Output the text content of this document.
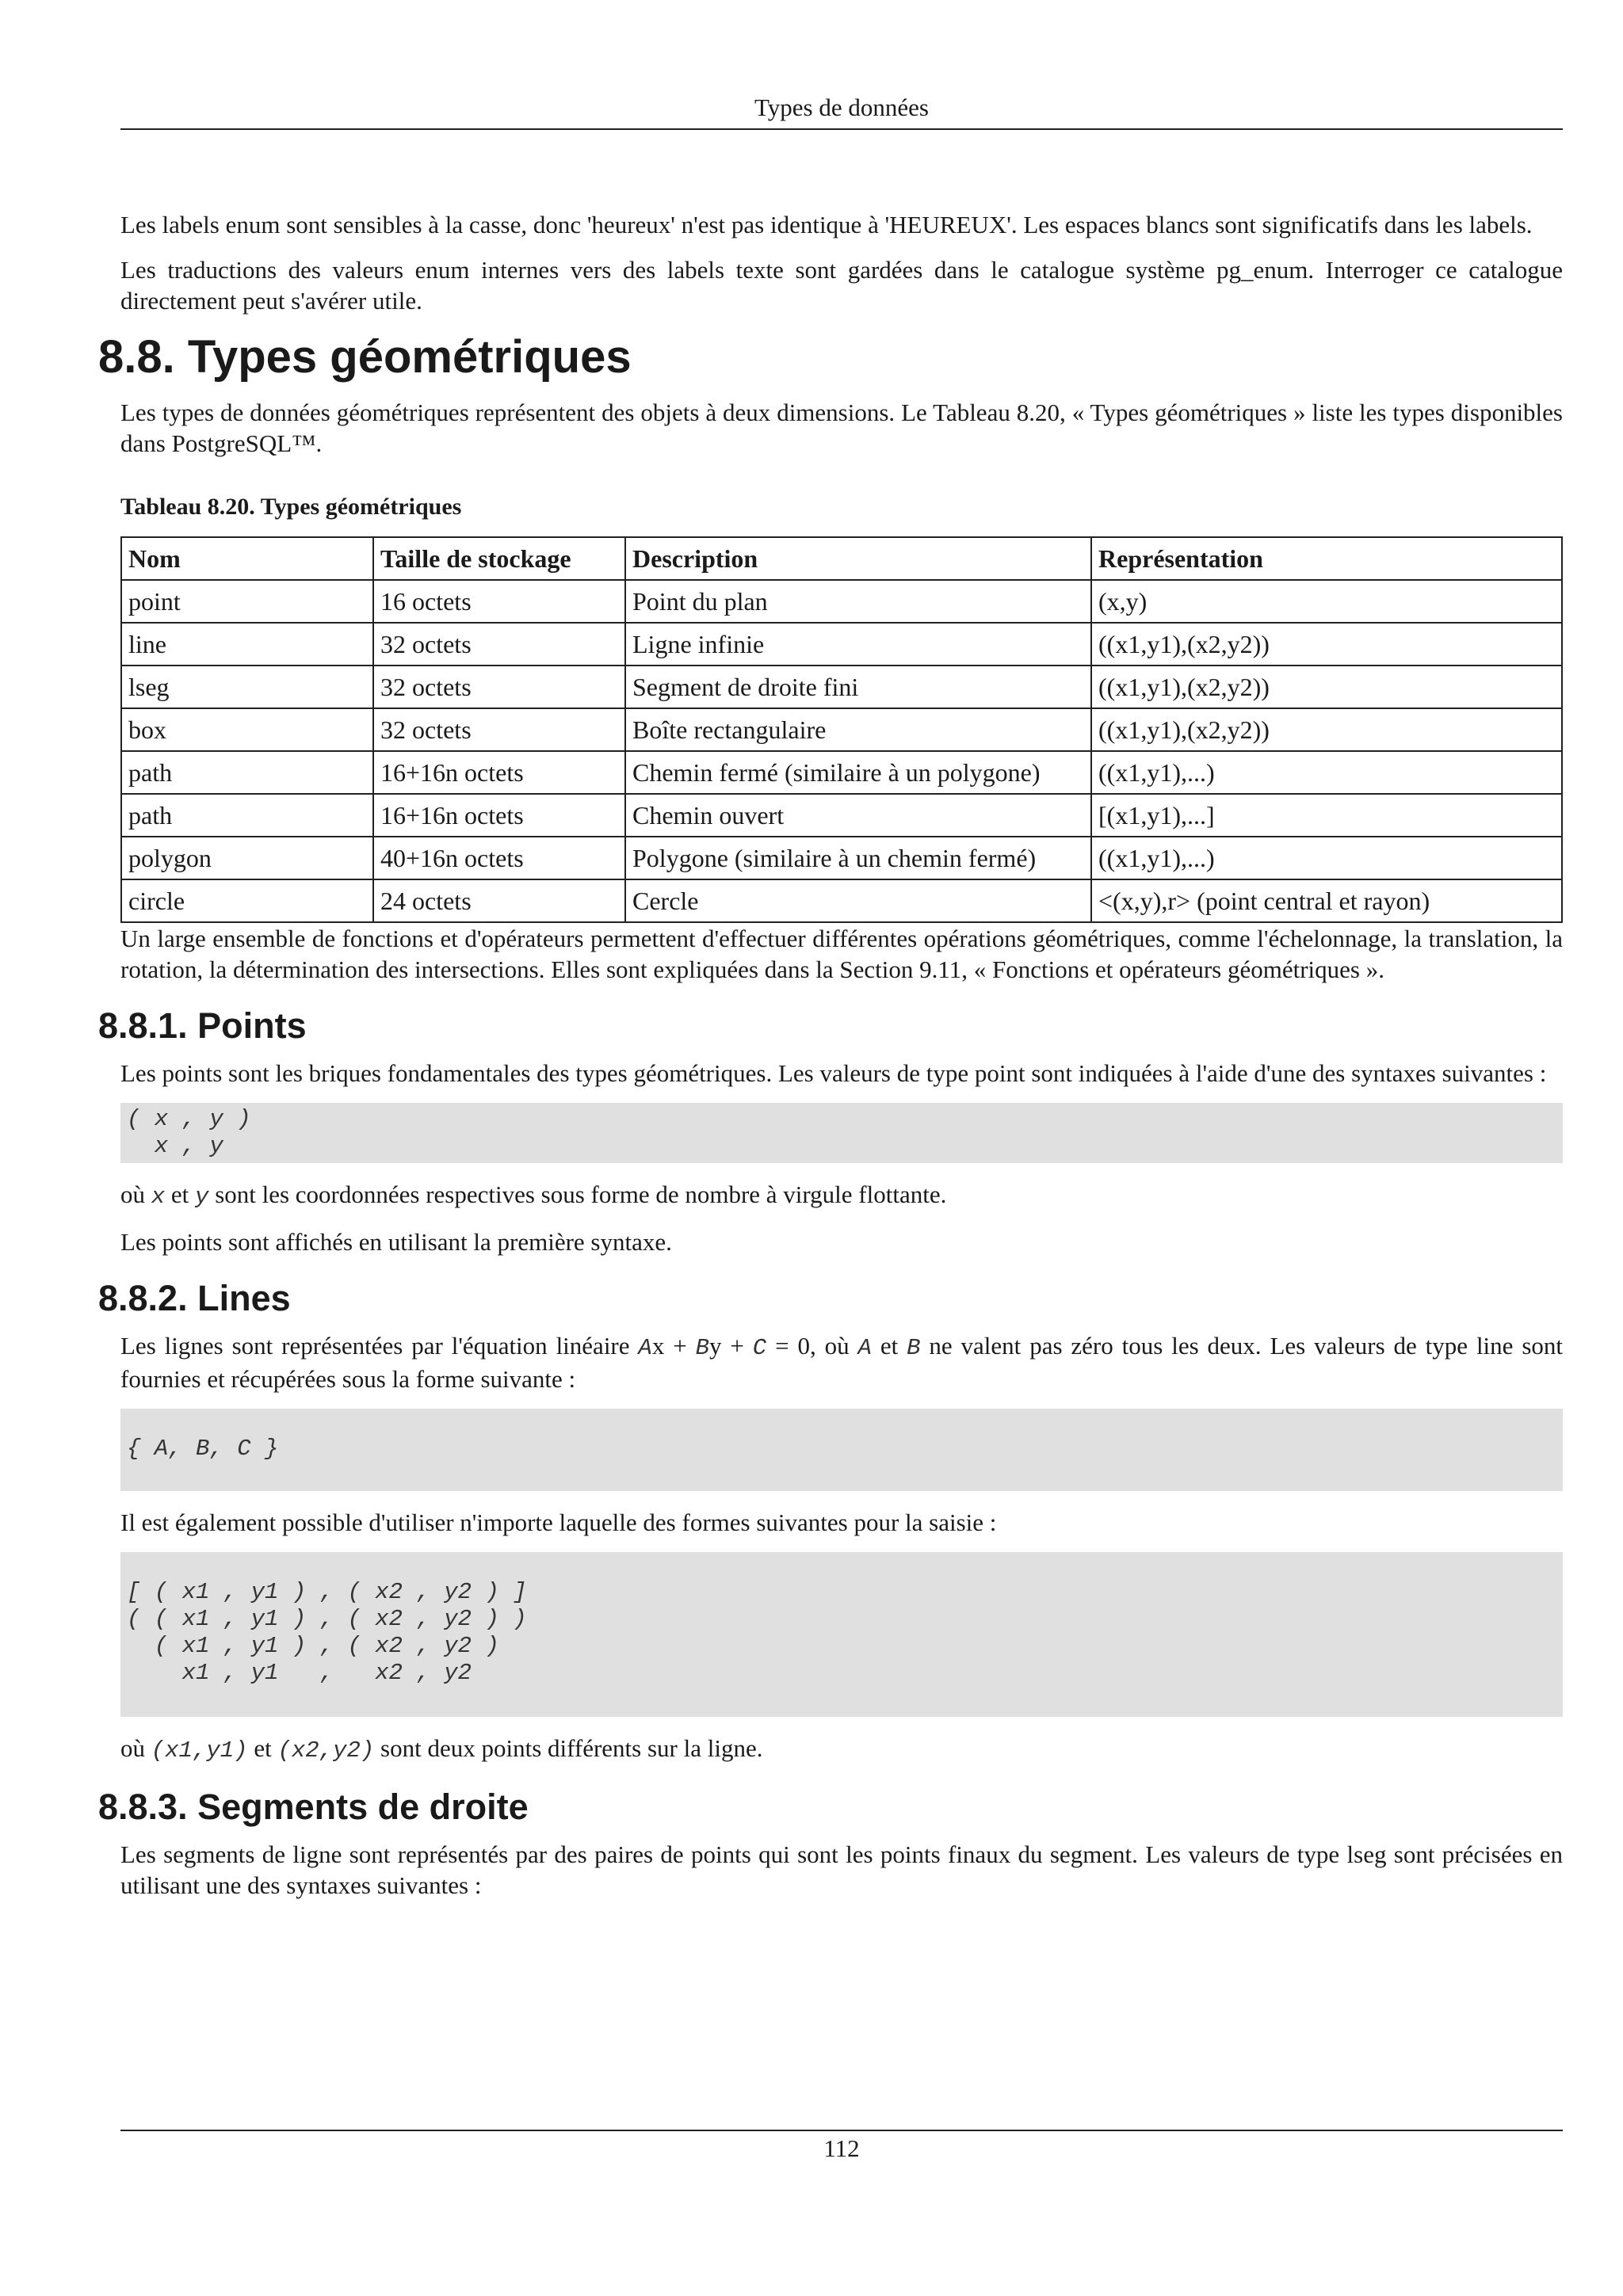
Types de données

Les labels enum sont sensibles à la casse, donc 'heureux' n'est pas identique à 'HEUREUX'. Les espaces blancs sont significatifs dans les labels.

Les traductions des valeurs enum internes vers des labels texte sont gardées dans le catalogue système pg_enum. Interroger ce catalogue directement peut s'avérer utile.

8.8. Types géométriques

Les types de données géométriques représentent des objets à deux dimensions. Le Tableau 8.20, « Types géométriques » liste les types disponibles dans PostgreSQL™.

Tableau 8.20. Types géométriques
Nom	Taille de stockage	Description	Représentation
point	16 octets	Point du plan	(x,y)
line	32 octets	Ligne infinie	((x1,y1),(x2,y2))
lseg	32 octets	Segment de droite fini	((x1,y1),(x2,y2))
box	32 octets	Boîte rectangulaire	((x1,y1),(x2,y2))
path	16+16n octets	Chemin fermé (similaire à un polygone)	((x1,y1),...)
path	16+16n octets	Chemin ouvert	[(x1,y1),...]
polygon	40+16n octets	Polygone (similaire à un chemin fermé)	((x1,y1),...)
circle	24 octets	Cercle	<(x,y),r> (point central et rayon)

Un large ensemble de fonctions et d'opérateurs permettent d'effectuer différentes opérations géométriques, comme l'échelonnage, la translation, la rotation, la détermination des intersections. Elles sont expliquées dans la Section 9.11, « Fonctions et opérateurs géométriques ».

8.8.1. Points

Les points sont les briques fondamentales des types géométriques. Les valeurs de type point sont indiquées à l'aide d'une des syntaxes suivantes :

( x , y )
x , y

où x et y sont les coordonnées respectives sous forme de nombre à virgule flottante.

Les points sont affichés en utilisant la première syntaxe.

8.8.2. Lines

Les lignes sont représentées par l'équation linéaire Ax + By + C = 0, où A et B ne valent pas zéro tous les deux. Les valeurs de type line sont fournies et récupérées sous la forme suivante :

{ A, B, C }

Il est également possible d'utiliser n'importe laquelle des formes suivantes pour la saisie :

[ ( x1 , y1 ) , ( x2 , y2 ) ]
( ( x1 , y1 ) , ( x2 , y2 ) )
( x1 , y1 ) , ( x2 , y2 )
x1 , y1   ,   x2 , y2

où (x1,y1) et (x2,y2) sont deux points différents sur la ligne.

8.8.3. Segments de droite

Les segments de ligne sont représentés par des paires de points qui sont les points finaux du segment. Les valeurs de type lseg sont précisées en utilisant une des syntaxes suivantes :

112
